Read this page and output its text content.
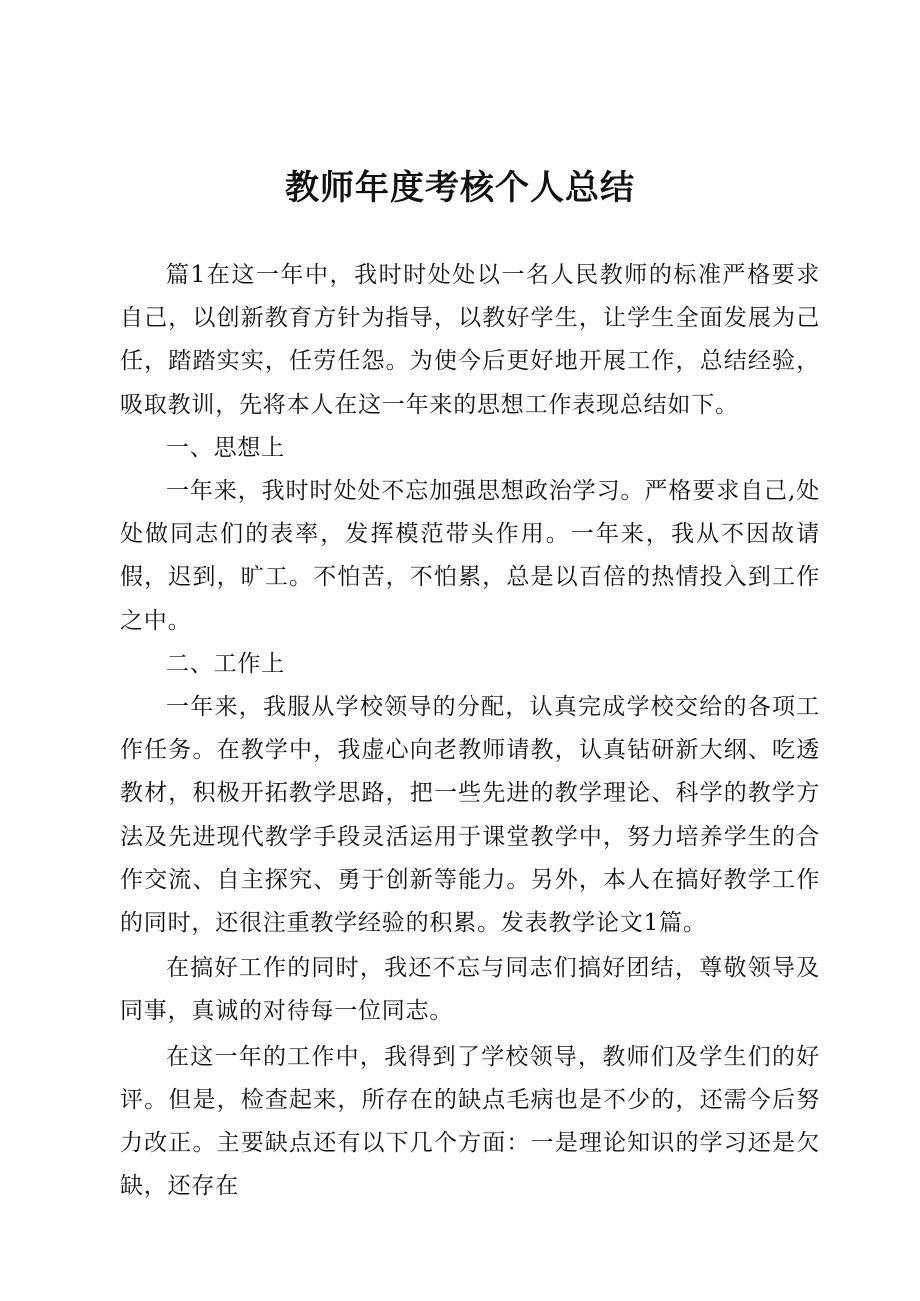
教师年度考核个人总结

篇1在这一年中，我时时处处以一名人民教师的标准严格要求自己，以创新教育方针为指导，以教好学生，让学生全面发展为己任，踏踏实实，任劳任怨。为使今后更好地开展工作，总结经验，吸取教训，先将本人在这一年来的思想工作表现总结如下。

一、思想上

一年来，我时时处处不忘加强思想政治学习。严格要求自己,处处做同志们的表率，发挥模范带头作用。一年来，我从不因故请假，迟到，旷工。不怕苦，不怕累，总是以百倍的热情投入到工作之中。

二、工作上

一年来，我服从学校领导的分配，认真完成学校交给的各项工作任务。在教学中，我虚心向老教师请教，认真钻研新大纲、吃透教材，积极开拓教学思路，把一些先进的教学理论、科学的教学方法及先进现代教学手段灵活运用于课堂教学中，努力培养学生的合作交流、自主探究、勇于创新等能力。另外，本人在搞好教学工作的同时，还很注重教学经验的积累。发表教学论文1篇。

在搞好工作的同时，我还不忘与同志们搞好团结，尊敬领导及同事，真诚的对待每一位同志。

在这一年的工作中，我得到了学校领导，教师们及学生们的好评。但是，检查起来，所存在的缺点毛病也是不少的，还需今后努力改正。主要缺点还有以下几个方面：一是理论知识的学习还是欠缺，还存在
